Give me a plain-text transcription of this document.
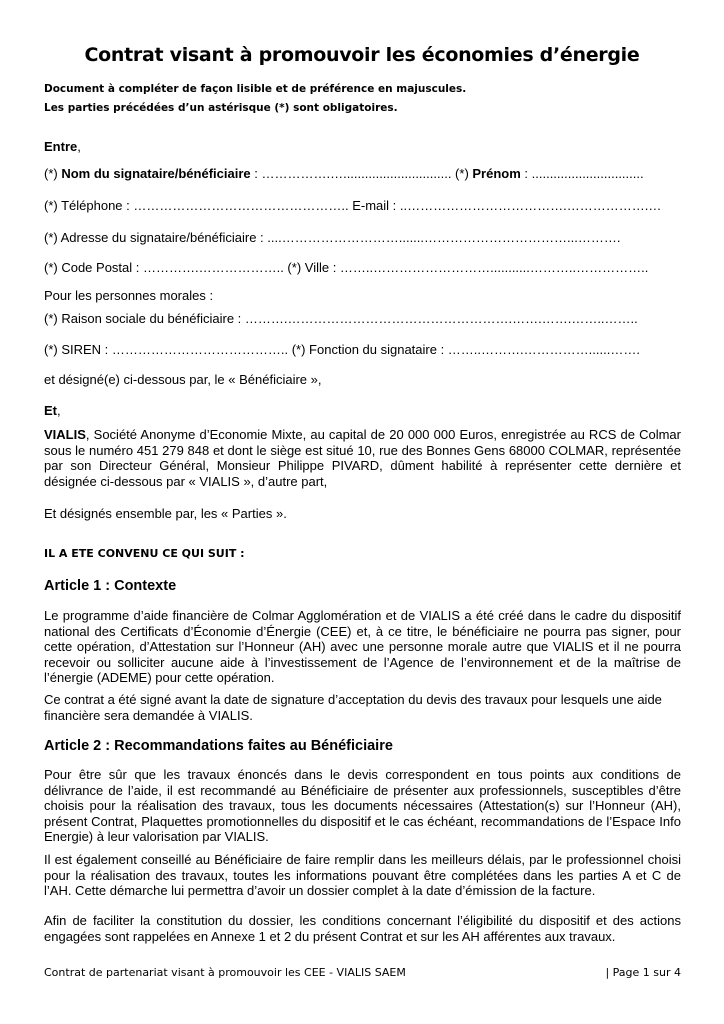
Contrat visant à promouvoir les économies d’énergie
Document à compléter de façon lisible et de préférence en majuscules.
Les parties précédées d’un astérisque (*) sont obligatoires.
Entre,
(*) Nom du signataire/bénéficiaire : …………….….............................. (*) Prénom : ...............................
(*) Téléphone : ………………………………………….. E-mail : ..……………………………….……………….…
(*) Adresse du signataire/bénéficiaire : ....……………………….......……………………………...……….
(*) Code Postal : ………….……………….. (*) Ville : ……..………………………...........………..……………..
Pour les personnes morales :
(*) Raison sociale du bénéficiaire : ……….…………………………………………….…….…….……..……..
(*) SIREN : ………………………………….. (*) Fonction du signataire : ……..……….……………......…….
et désigné(e) ci-dessous par, le « Bénéficiaire »,
Et,
VIALIS, Société Anonyme d’Economie Mixte, au capital de 20 000 000 Euros, enregistrée au RCS de Colmar sous le numéro 451 279 848 et dont le siège est situé 10, rue des Bonnes Gens 68000 COLMAR, représentée par son Directeur Général, Monsieur Philippe PIVARD, dûment habilité à représenter cette dernière et désignée ci-dessous par « VIALIS », d’autre part,
Et désignés ensemble par, les « Parties ».
IL A ETE CONVENU CE QUI SUIT :
Article 1 : Contexte
Le programme d’aide financière de Colmar Agglomération et de VIALIS a été créé dans le cadre du dispositif national des Certificats d’Économie d’Énergie (CEE) et, à ce titre, le bénéficiaire ne pourra pas signer, pour cette opération, d’Attestation sur l’Honneur (AH) avec une personne morale autre que VIALIS et il ne pourra recevoir ou solliciter aucune aide à l’investissement de l’Agence de l’environnement et de la maîtrise de l’énergie (ADEME) pour cette opération.
Ce contrat a été signé avant la date de signature d’acceptation du devis des travaux pour lesquels une aide financière sera demandée à VIALIS.
Article 2 : Recommandations faites au Bénéficiaire
Pour être sûr que les travaux énoncés dans le devis correspondent en tous points aux conditions de délivrance de l’aide, il est recommandé au Bénéficiaire de présenter aux professionnels, susceptibles d’être choisis pour la réalisation des travaux, tous les documents nécessaires (Attestation(s) sur l’Honneur (AH), présent Contrat, Plaquettes promotionnelles du dispositif et le cas échéant, recommandations de l’Espace Info Energie) à leur valorisation par VIALIS.
Il est également conseillé au Bénéficiaire de faire remplir dans les meilleurs délais, par le professionnel choisi pour la réalisation des travaux, toutes les informations pouvant être complétées dans les parties A et C de l’AH. Cette démarche lui permettra d’avoir un dossier complet à la date d’émission de la facture.
Afin de faciliter la constitution du dossier, les conditions concernant l’éligibilité du dispositif et des actions engagées sont rappelées en Annexe 1 et 2 du présent Contrat et sur les AH afférentes aux travaux.
Contrat de partenariat visant à promouvoir les CEE - VIALIS SAEM	| Page 1 sur 4
